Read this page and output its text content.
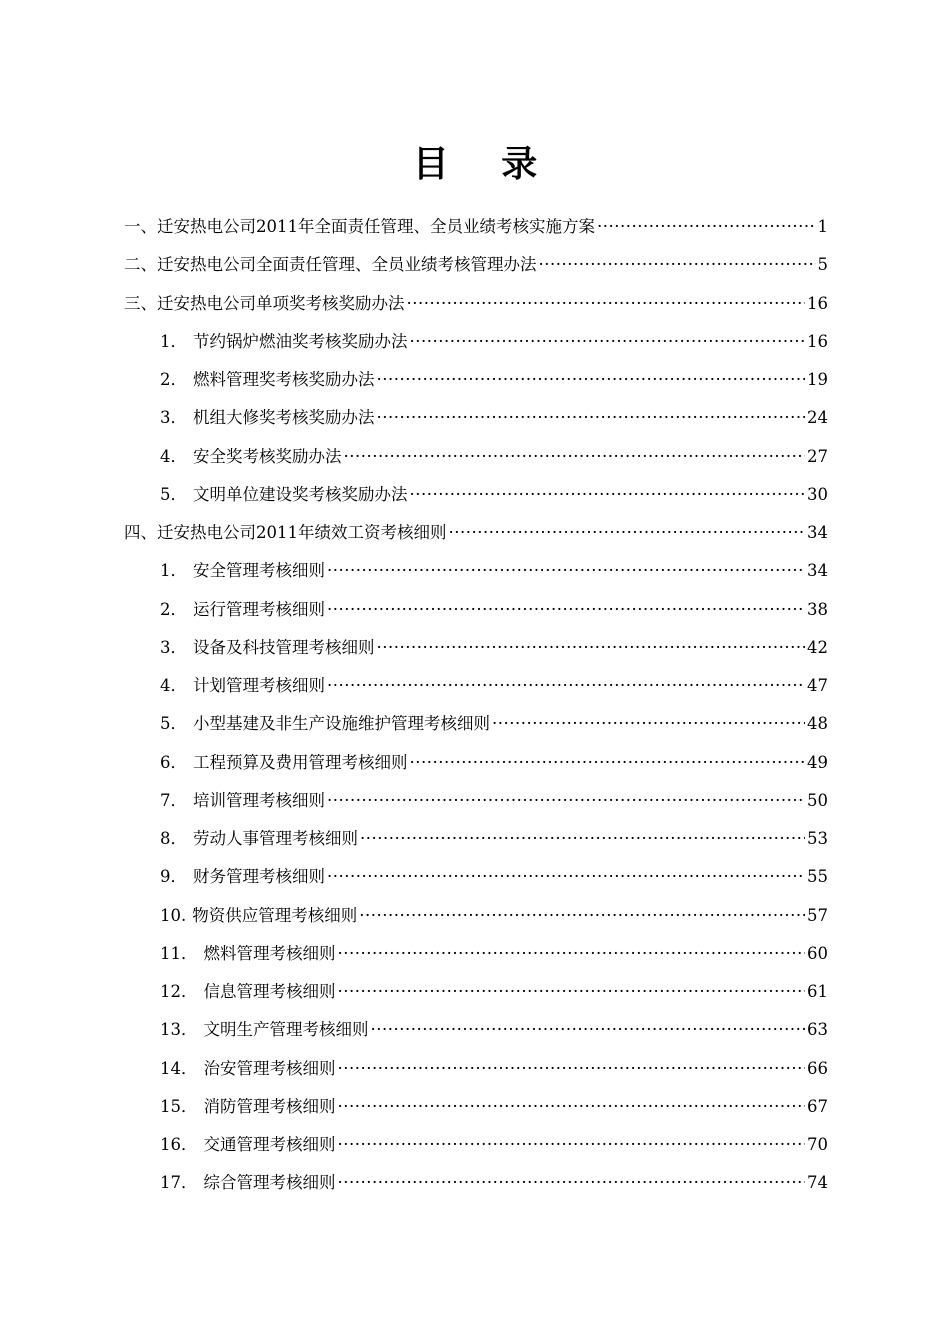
目 录
一、 迁安热电公司2011年全面责任管理、全员业绩考核实施方案 ·····	1
二、 迁安热电公司全面责任管理、全员业绩考核管理办法 ·····	5
三、 迁安热电公司单项奖考核奖励办法 ·····	16
1． 节约锅炉燃油奖考核奖励办法 ·····	16
2． 燃料管理奖考核奖励办法 ·····	19
3． 机组大修奖考核奖励办法 ·····	24
4． 安全奖考核奖励办法 ·····	27
5． 文明单位建设奖考核奖励办法 ·····	30
四、 迁安热电公司2011年绩效工资考核细则 ·····	34
1． 安全管理考核细则 ·····	34
2． 运行管理考核细则 ·····	38
3． 设备及科技管理考核细则 ·····	42
4． 计划管理考核细则 ·····	47
5． 小型基建及非生产设施维护管理考核细则 ·····	48
6． 工程预算及费用管理考核细则 ·····	49
7． 培训管理考核细则 ·····	50
8． 劳动人事管理考核细则 ·····	53
9． 财务管理考核细则 ·····	55
10. 物资供应管理考核细则 ·····	57
11． 燃料管理考核细则 ·····	60
12． 信息管理考核细则 ·····	61
13． 文明生产管理考核细则 ·····	63
14． 治安管理考核细则 ·····	66
15． 消防管理考核细则 ·····	67
16． 交通管理考核细则 ·····	70
17． 综合管理考核细则 ·····	74
